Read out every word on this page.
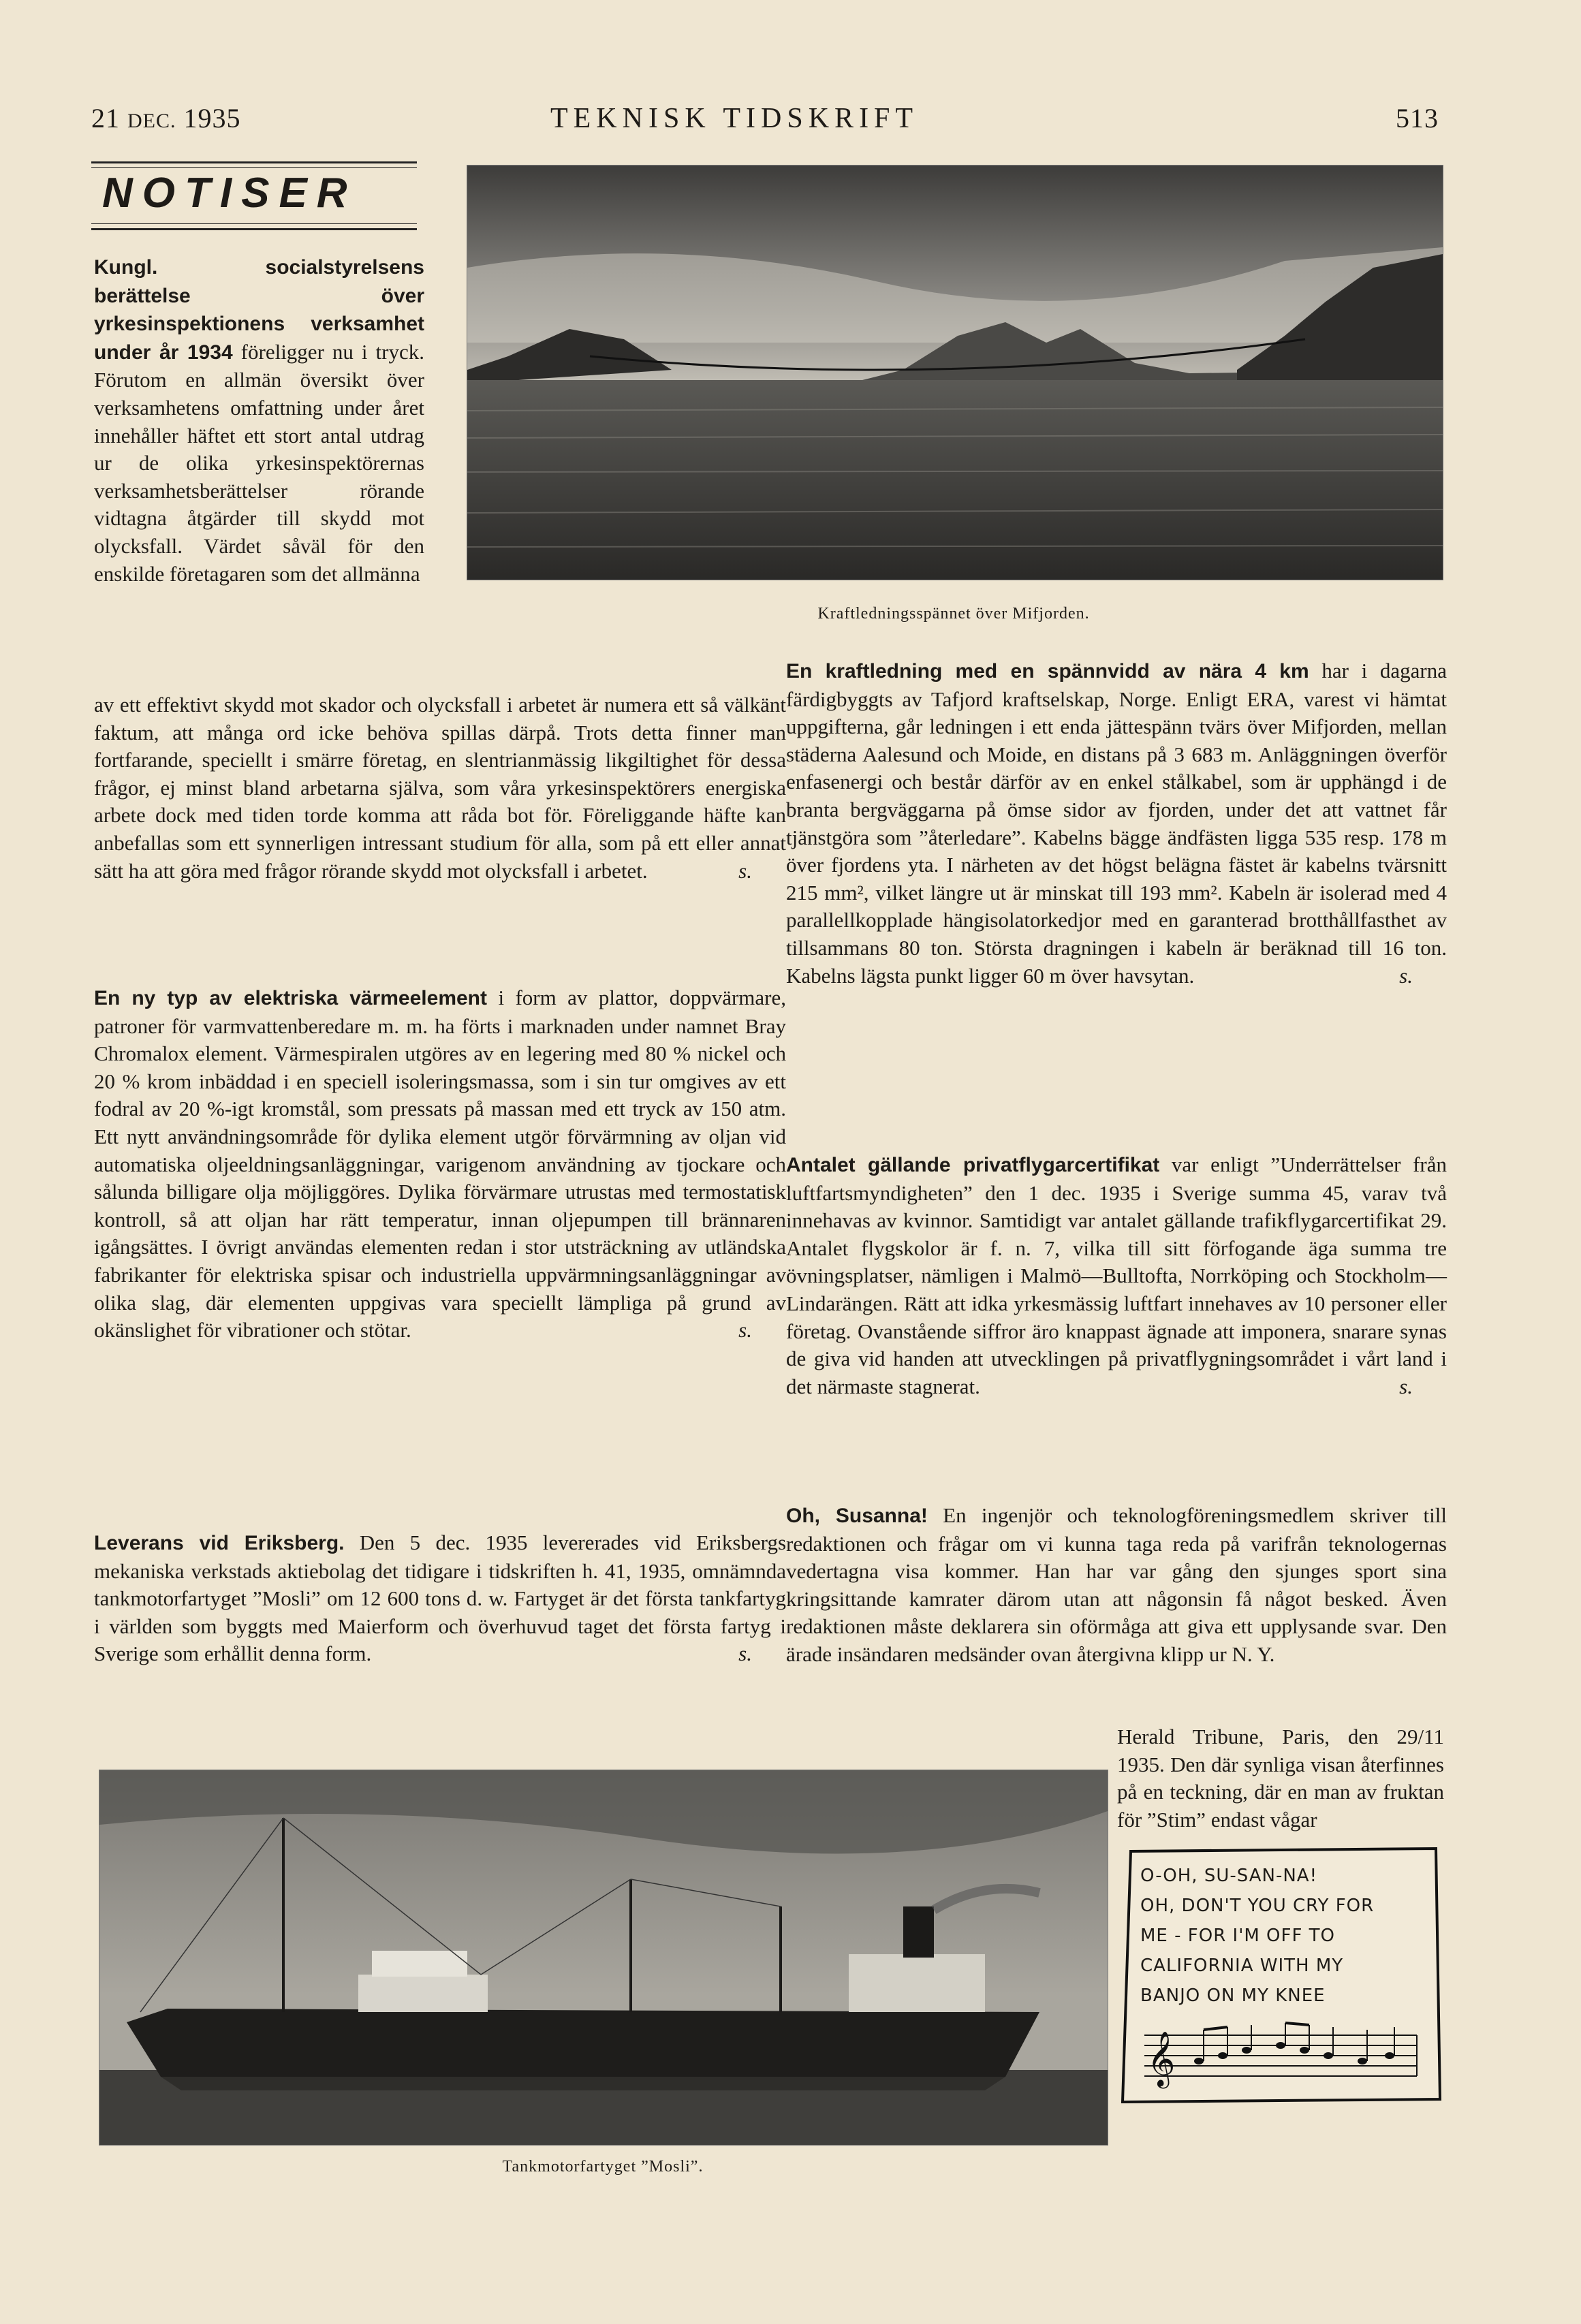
21 DEC. 1935	TEKNISK TIDSKRIFT	513
NOTISER
Kraftledningsspännet över Mifjorden.
Kungl. socialstyrelsens berättelse över yrkesinspektionens verksamhet under år 1934 föreligger nu i tryck. Förutom en allmän översikt över verksamhetens omfattning under året innehåller häftet ett stort antal utdrag ur de olika yrkesinspektörernas verksamhetsberättelser rörande vidtagna åtgärder till skydd mot olycksfall. Värdet såväl för den enskilde företagaren som det allmänna
av ett effektivt skydd mot skador och olycksfall i arbetet är numera ett så välkänt faktum, att många ord icke behöva spillas därpå. Trots detta finner man fortfarande, speciellt i smärre företag, en slentrianmässig likgiltighet för dessa frågor, ej minst bland arbetarna själva, som våra yrkesinspektörers energiska arbete dock med tiden torde komma att råda bot för. Föreliggande häfte kan anbefallas som ett synnerligen intressant studium för alla, som på ett eller annat sätt ha att göra med frågor rörande skydd mot olycksfall i arbetet.	s.
En ny typ av elektriska värmeelement i form av plattor, doppvärmare, patroner för varmvattenberedare m. m. ha förts i marknaden under namnet Bray Chromalox element. Värmespiralen utgöres av en legering med 80 % nickel och 20 % krom inbäddad i en speciell isoleringsmassa, som i sin tur omgives av ett fodral av 20 %-igt kromstål, som pressats på massan med ett tryck av 150 atm. Ett nytt användningsområde för dylika element utgör förvärmning av oljan vid automatiska oljeeldningsanläggningar, varigenom användning av tjockare och sålunda billigare olja möjliggöres. Dylika förvärmare utrustas med termostatisk kontroll, så att oljan har rätt temperatur, innan oljepumpen till brännaren igångsättes. I övrigt användas elementen redan i stor utsträckning av utländska fabrikanter för elektriska spisar och industriella uppvärmningsanläggningar av olika slag, där elementen uppgivas vara speciellt lämpliga på grund av okänslighet för vibrationer och stötar.	s.
Leverans vid Eriksberg. Den 5 dec. 1935 levererades vid Eriksbergs mekaniska verkstads aktiebolag det tidigare i tidskriften h. 41, 1935, omnämnda tankmotorfartyget ”Mosli” om 12 600 tons d. w. Fartyget är det första tankfartyg i världen som byggts med Maierform och överhuvud taget det första fartyg i Sverige som erhållit denna form.	s.
Tankmotorfartyget ”Mosli”.
En kraftledning med en spännvidd av nära 4 km har i dagarna färdigbyggts av Tafjord kraftselskap, Norge. Enligt ERA, varest vi hämtat uppgifterna, går ledningen i ett enda jättespänn tvärs över Mifjorden, mellan städerna Aalesund och Moide, en distans på 3 683 m. Anläggningen överför enfasenergi och består därför av en enkel stålkabel, som är upphängd i de branta bergväggarna på ömse sidor av fjorden, under det att vattnet får tjänstgöra som ”återledare”. Kabelns bägge ändfästen ligga 535 resp. 178 m över fjordens yta. I närheten av det högst belägna fästet är kabelns tvärsnitt 215 mm², vilket längre ut är minskat till 193 mm². Kabeln är isolerad med 4 parallellkopplade hängisolatorkedjor med en garanterad brotthållfasthet av tillsammans 80 ton. Största dragningen i kabeln är beräknad till 16 ton. Kabelns lägsta punkt ligger 60 m över havsytan.	s.
Antalet gällande privatflygarcertifikat var enligt ”Underrättelser från luftfartsmyndigheten” den 1 dec. 1935 i Sverige summa 45, varav två innehavas av kvinnor. Samtidigt var antalet gällande trafikflygarcertifikat 29. Antalet flygskolor är f. n. 7, vilka till sitt förfogande äga summa tre övningsplatser, nämligen i Malmö—Bulltofta, Norrköping och Stockholm—Lindarängen. Rätt att idka yrkesmässig luftfart innehaves av 10 personer eller företag. Ovanstående siffror äro knappast ägnade att imponera, snarare synas de giva vid handen att utvecklingen på privatflygningsområdet i vårt land i det närmaste stagnerat.	s.
Oh, Susanna! En ingenjör och teknologföreningsmedlem skriver till redaktionen och frågar om vi kunna taga reda på varifrån teknologernas vedertagna visa kommer. Han har var gång den sjunges sport sina kringsittande kamrater därom utan att någonsin få något besked. Även redaktionen måste deklarera sin oförmåga att giva ett upplysande svar. Den ärade insändaren medsänder ovan återgivna klipp ur N. Y.
Herald Tribune, Paris, den 29/11 1935. Den där synliga visan återfinnes på en teckning, där en man av fruktan för ”Stim” endast vågar
O-OH, SU-SAN-NA!
OH, DON'T YOU CRY FOR
ME - FOR I'M OFF TO
CALIFORNIA WITH MY
BANJO ON MY KNEE
𝄞
